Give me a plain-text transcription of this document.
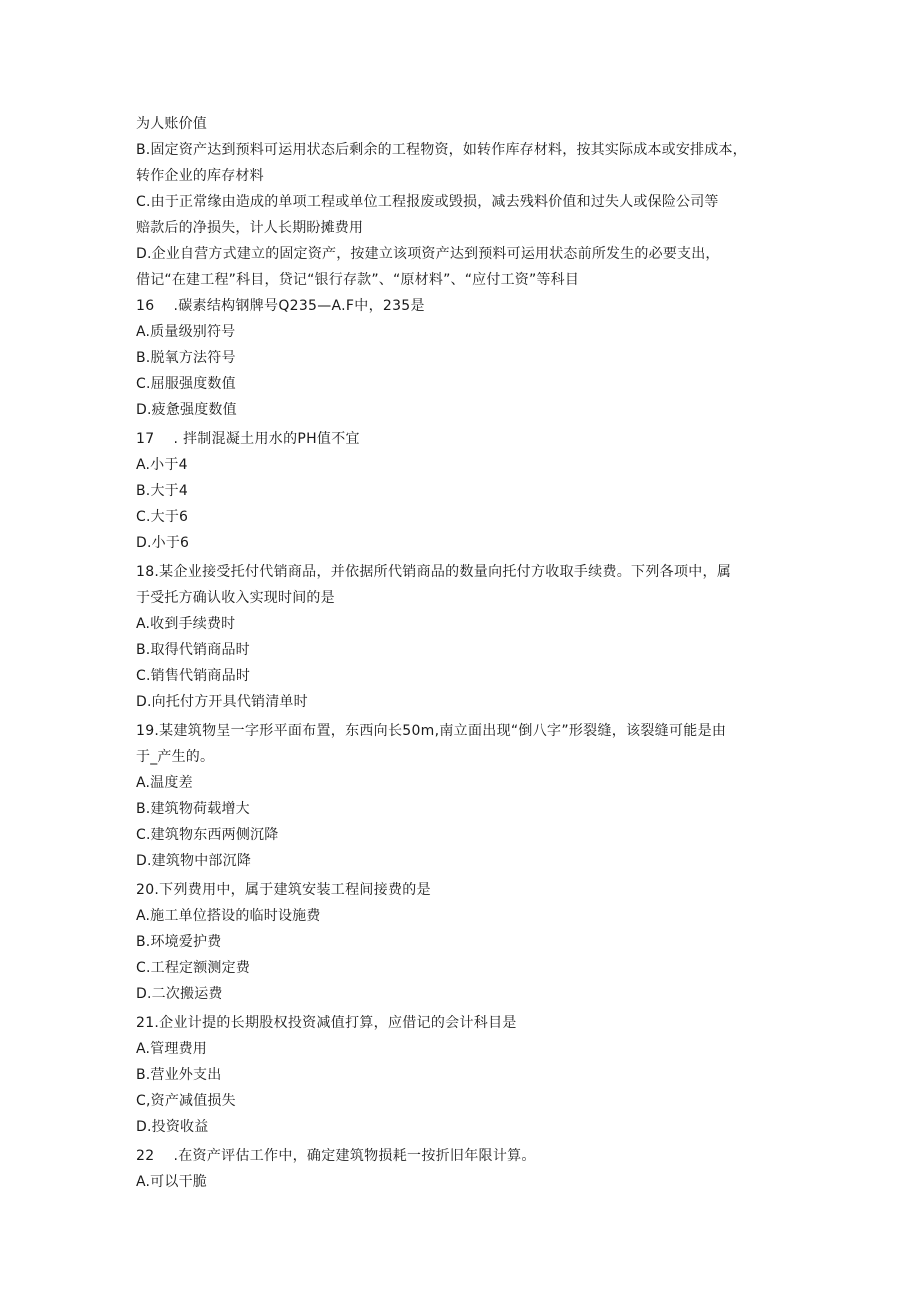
为人账价值
B.固定资产达到预料可运用状态后剩余的工程物资，如转作库存材料，按其实际成本或安排成本，
转作企业的库存材料
C.由于正常缘由造成的单项工程或单位工程报废或毁损，减去残料价值和过失人或保险公司等
赔款后的净损失，计人长期盼摊费用
D.企业自营方式建立的固定资产，按建立该项资产达到预料可运用状态前所发生的必要支出，
借记“在建工程”科目，贷记“银行存款”、“原材料”、“应付工资”等科目
16 　.碳素结构钢牌号Q235—A.F中，235是
A.质量级别符号
B.脱氧方法符号
C.屈服强度数值
D.疲惫强度数值
17 　. 拌制混凝土用水的PH值不宜
A.小于4
B.大于4
C.大于6
D.小于6
18.某企业接受托付代销商品，并依据所代销商品的数量向托付方收取手续费。下列各项中，属
于受托方确认收入实现时间的是
A.收到手续费时
B.取得代销商品时
C.销售代销商品时
D.向托付方开具代销清单时
19.某建筑物呈一字形平面布置，东西向长50m,南立面出现“倒八字”形裂缝，该裂缝可能是由
于_产生的。
A.温度差
B.建筑物荷载增大
C.建筑物东西两侧沉降
D.建筑物中部沉降
20.下列费用中，属于建筑安装工程间接费的是
A.施工单位搭设的临时设施费
B.环境爱护费
C.工程定额测定费
D.二次搬运费
21.企业计提的长期股权投资减值打算，应借记的会计科目是
A.管理费用
B.营业外支出
C,资产减值损失
D.投资收益
22 　.在资产评估工作中，确定建筑物损耗一按折旧年限计算。
A.可以干脆
